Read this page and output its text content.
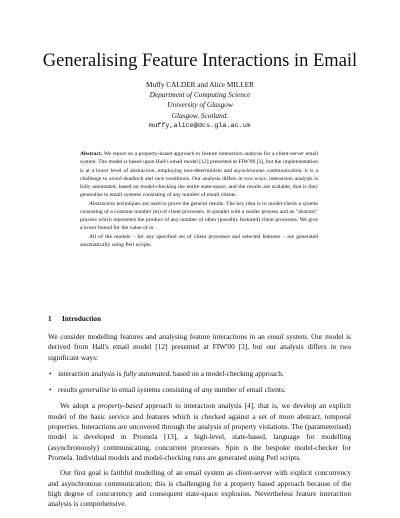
Generalising Feature Interactions in Email
Muffy CALDER and Alice MILLER
Department of Computing Science
University of Glasgow
Glasgow, Scotland.
muffy,alice@dcs.gla.ac.uk

Abstract. We report on a property-based approach to feature interaction analysis for a client-server email system. The model is based upon Hall's email model [12] presented at FIW'00 [3], but the implementation is at a lower level of abstraction, employing non-determinism and asynchronous communication; it is a challenge to avoid deadlock and race conditions. Our analysis differs in two ways: interaction analysis is fully automated, based on model-checking the entire state-space, and the results are scalable, that is they generalise to email systems consisting of any number of email clients.

Abstraction techniques are used to prove the general results. The key idea is to model-check a system consisting of a constant number (m) of client processes, in parallel with a mailer process and an "abstract" process which represents the product of any number of other (possibly featured) client processes. We give a lower bound for the value of m.

All of the models – for any specified set of client processes and selected features – are generated automatically using Perl scripts.

1 Introduction

We consider modelling features and analysing feature interactions in an email system. Our model is derived from Hall's email model [12] presented at FIW'00 [3], but our analysis differs in two significant ways:

• interaction analysis is fully automated, based on a model-checking approach,
• results generalise to email systems consisting of any number of email clients.

We adopt a property-based approach to interaction analysis [4], that is, we develop an explicit model of the basic service and features which is checked against a set of more abstract, temporal properties. Interactions are uncovered through the analysis of property violations. The (parameterised) model is developed in Promela [13], a high-level, state-based, language for modelling (asynchronously) communicating, concurrent processes. Spin is the bespoke model-checker for Promela. Individual models and model-checking runs are generated using Perl scripts.

Our first goal is faithful modelling of an email system as client-server with explicit concurrency and asynchronous communication; this is challenging for a property based approach because of the high degree of concurrency and consequent state-space explosion. Nevertheless feature interaction analysis is comprehensive.
